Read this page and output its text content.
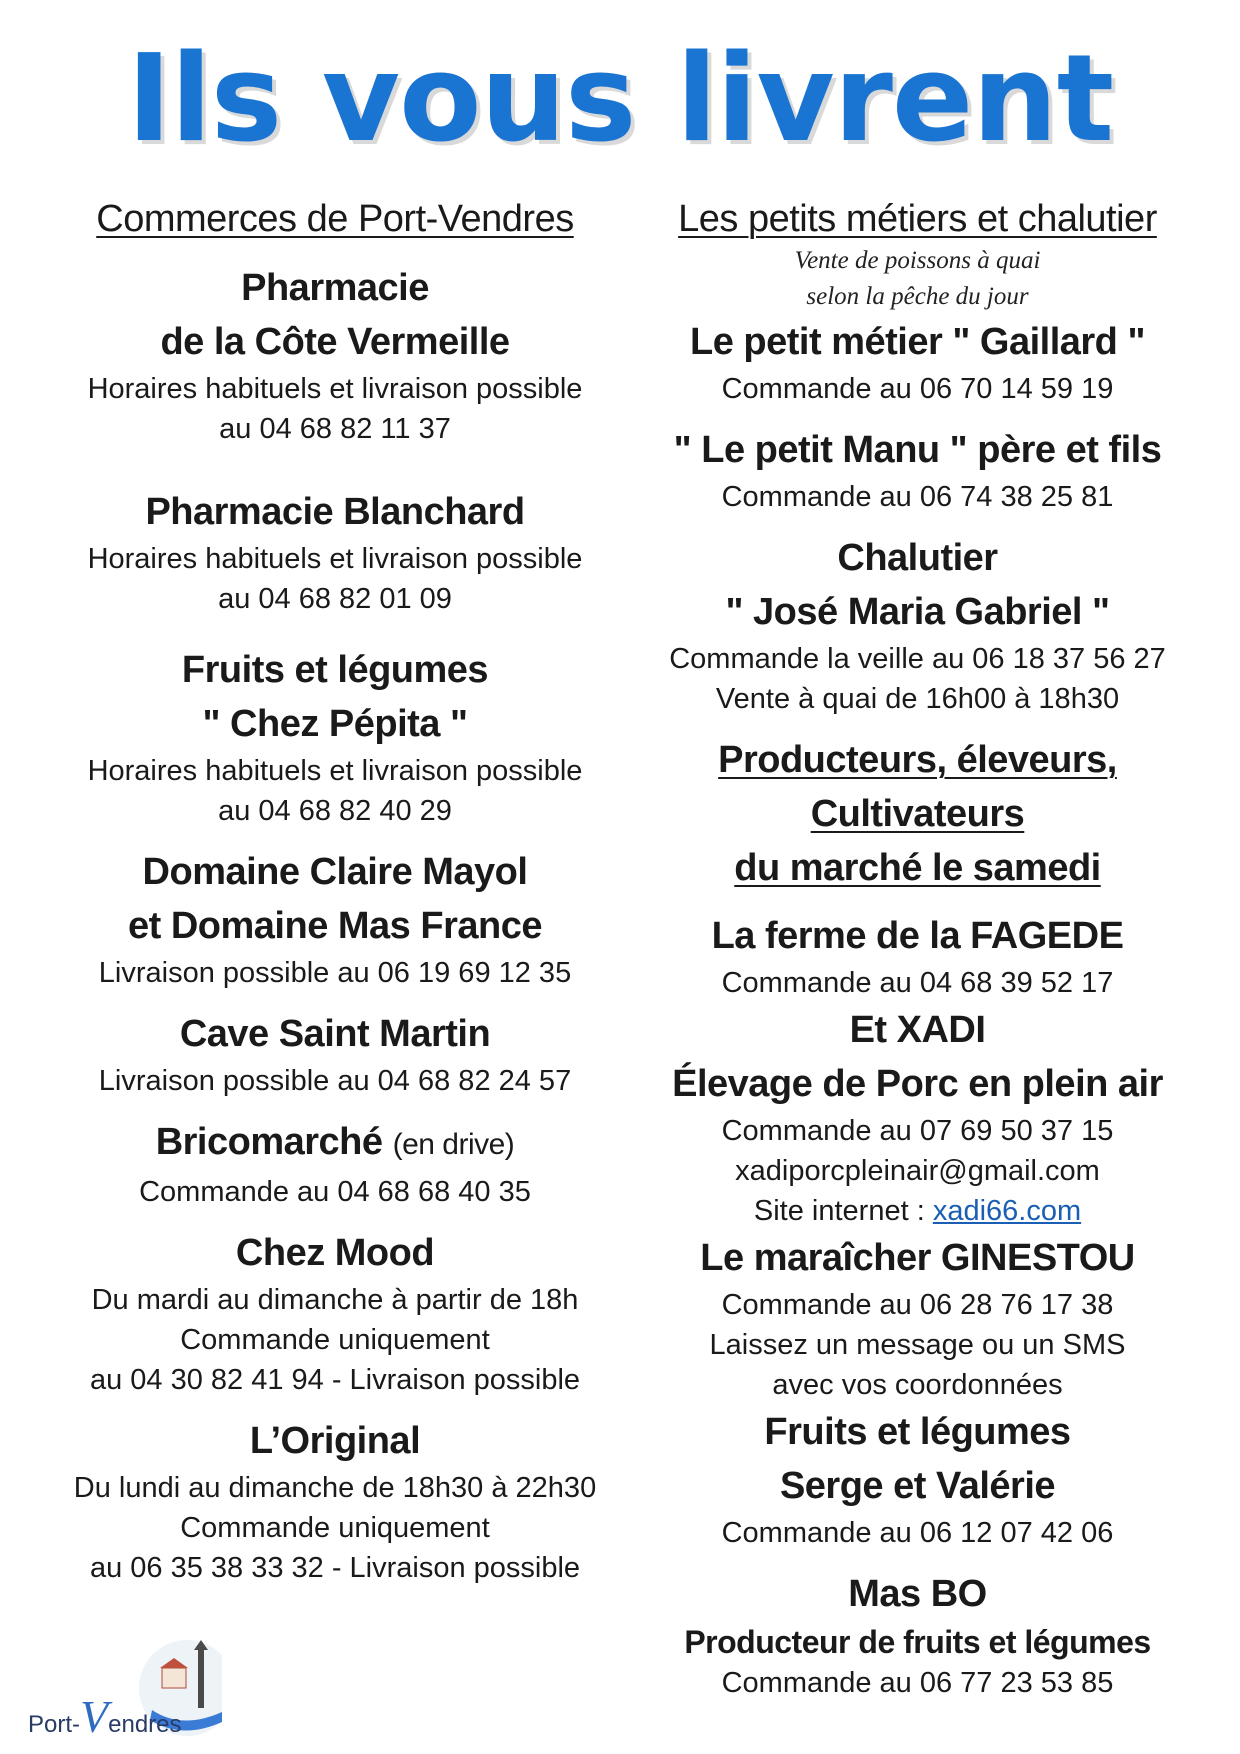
Ils vous livrent
Commerces de Port-Vendres
Pharmacie
de la Côte Vermeille
Horaires habituels et livraison possible
au 04 68 82 11 37
Pharmacie Blanchard
Horaires habituels et livraison possible
au 04 68 82 01 09
Fruits et légumes
" Chez Pépita "
Horaires habituels et livraison possible
au 04 68 82 40 29
Domaine Claire Mayol
et Domaine Mas France
Livraison possible au 06 19 69 12 35
Cave Saint Martin
Livraison possible au 04 68 82 24 57
Bricomarché (en drive)
Commande au 04 68 68 40 35
Chez Mood
Du mardi au dimanche à partir de 18h
Commande uniquement
au 04 30 82 41 94 - Livraison possible
L’Original
Du lundi au dimanche de 18h30 à 22h30
Commande uniquement
au 06 35 38 33 32 - Livraison possible
Les petits métiers et chalutier
Vente de poissons à quai
selon la pêche du jour
Le petit métier " Gaillard "
Commande au 06 70 14 59 19
" Le petit Manu " père et fils
Commande au 06 74 38 25 81
Chalutier
" José Maria Gabriel "
Commande la veille au 06 18 37 56 27
Vente à quai de 16h00 à 18h30
Producteurs, éleveurs,
Cultivateurs
du marché le samedi
La ferme de la FAGEDE
Commande au 04 68 39 52 17
Et XADI
Élevage de Porc en plein air
Commande au 07 69 50 37 15
xadiporcpleinair@gmail.com
Site internet : xadi66.com
Le maraîcher GINESTOU
Commande au 06 28 76 17 38
Laissez un message ou un SMS
avec vos coordonnées
Fruits et légumes
Serge et Valérie
Commande au 06 12 07 42 06
Mas BO
Producteur de fruits et légumes
Commande au 06 77 23 53 85
Port-Vendres
